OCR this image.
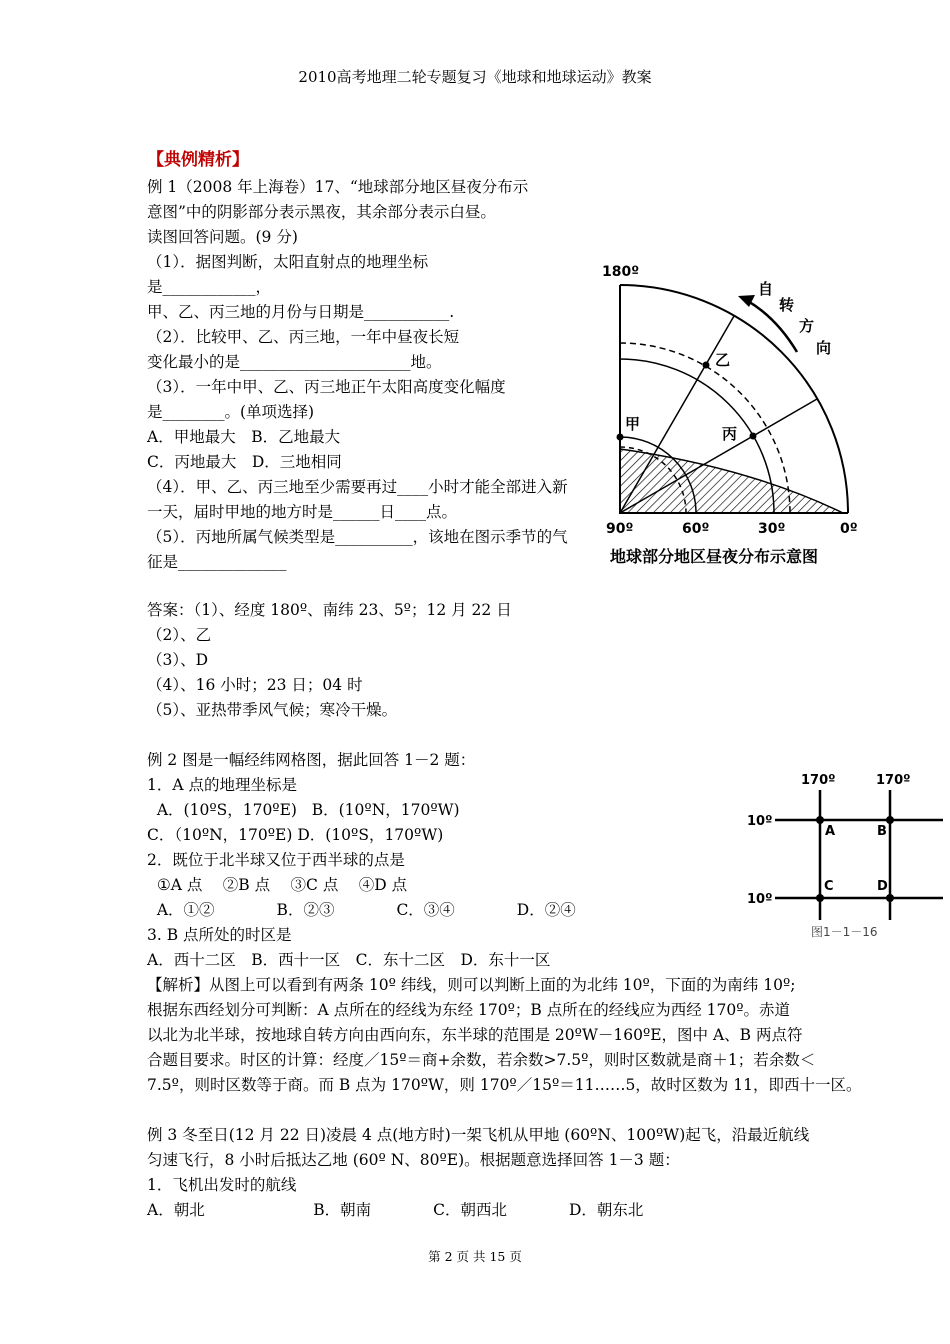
2010高考地理二轮专题复习《地球和地球运动》教案
【典例精析】
例 1（2008 年上海卷）17、“地球部分地区昼夜分布示
意图”中的阴影部分表示黑夜，其余部分表示白昼。
读图回答问题。(9 分)
（1）．据图判断，太阳直射点的地理坐标
是____________，
甲、乙、丙三地的月份与日期是___________.
（2）．比较甲、乙、丙三地，一年中昼夜长短
变化最小的是______________________地。
（3）．一年中甲、乙、丙三地正午太阳高度变化幅度
是________。(单项选择)
A．甲地最大　B．乙地最大
C．丙地最大　D．三地相同
（4）．甲、乙、丙三地至少需要再过____小时才能全部进入新
一天，届时甲地的地方时是______日____点。
（5）．丙地所属气候类型是__________，该地在图示季节的气
征是______________
甲
乙
丙
180º
90º	60º	30º	0º
自
转
方
向
地球部分地区昼夜分布示意图
答案：（1）、经度 180º、南纬 23、5º；12 月 22 日
（2）、乙
（3）、D
（4）、16 小时；23 日；04 时
（5）、亚热带季风气候；寒冷干燥。
例 2 图是一幅经纬网格图，据此回答 1－2 题：
1．A 点的地理坐标是
A．(10ºS，170ºE)   B．(10ºN，170ºW)
C．（10ºN，170ºE) D．(10ºS，170ºW)
2．既位于北半球又位于西半球的点是
①A 点　 ②B 点　 ③C 点　 ④D 点
A．①②　　　　B．②③　　　　C．③④　　　　D．②④
3. B 点所处的时区是
A．西十二区　B．西十一区　C．东十二区　D．东十一区
【解析】从图上可以看到有两条 10º 纬线，则可以判断上面的为北纬 10º，下面的为南纬 10º;
根据东西经划分可判断：A 点所在的经线为东经 170º；B 点所在的经线应为西经 170º。赤道
以北为北半球，按地球自转方向由西向东，东半球的范围是 20ºW－160ºE，图中 A、B 两点符
合题目要求。时区的计算：经度／15º＝商+余数，若余数>7.5º，则时区数就是商＋1；若余数＜
7.5º，则时区数等于商。而 B 点为 170ºW，则 170º／15º＝11……5，故时区数为 11，即西十一区。
170º	170º
10º
10º
A	B
C	D
图1－1－16
例 3 冬至日(12 月 22 日)凌晨 4 点(地方时)一架飞机从甲地 (60ºN、100ºW)起飞，沿最近航线
匀速飞行，8 小时后抵达乙地 (60º N、80ºE)。根据题意选择回答 1－3 题：
1．飞机出发时的航线
A．朝北　　　　　　　B．朝南　　　　C．朝西北　　　　D．朝东北
第 2 页 共 15 页
